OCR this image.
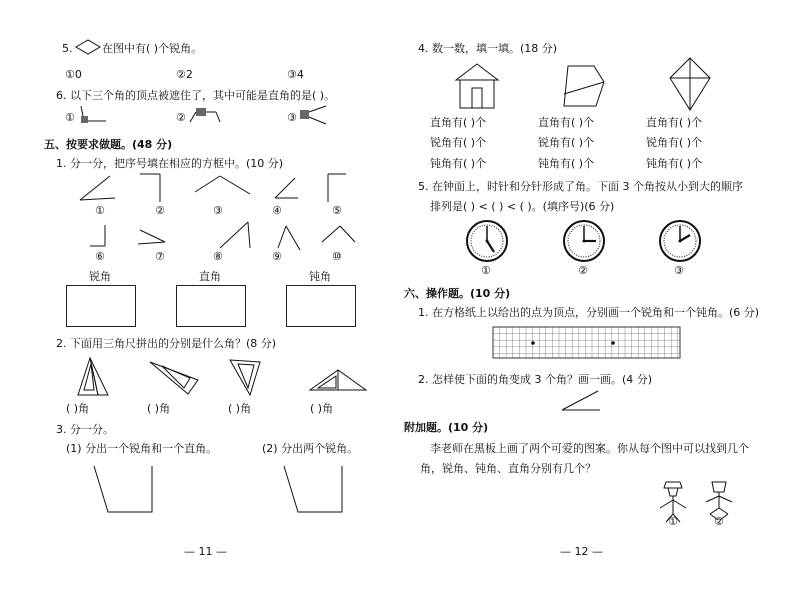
5.	在图中有( )个锐角。
①0	②2	③4
6. 以下三个角的顶点被遮住了，其中可能是直角的是( )。
①	②	③
五、按要求做题。(48 分)
1. 分一分，把序号填在相应的方框中。(10 分)
①	②	③	④	⑤
⑥	⑦	⑧	⑨	⑩
锐角	直角	钝角
2. 下面用三角尺拼出的分别是什么角？(8 分)
( )角	( )角	( )角	( )角
3. 分一分。
(1) 分出一个锐角和一个直角。	(2) 分出两个锐角。
— 11 —
4. 数一数，填一填。(18 分)
直角有( )个
锐角有( )个
钝角有( )个
直角有( )个
锐角有( )个
钝角有( )个
直角有( )个
锐角有( )个
钝角有( )个
5. 在钟面上，时针和分针形成了角。下面 3 个角按从小到大的顺序
排列是( ) < ( ) < ( )。(填序号)(6 分)
①	②	③
六、操作题。(10 分)
1. 在方格纸上以给出的点为顶点，分别画一个锐角和一个钝角。(6 分)
2. 怎样使下面的角变成 3 个角？画一画。(4 分)
附加题。(10 分)
李老师在黑板上画了两个可爱的图案。你从每个图中可以找到几个
角，锐角、钝角、直角分别有几个？
①	②
— 12 —
